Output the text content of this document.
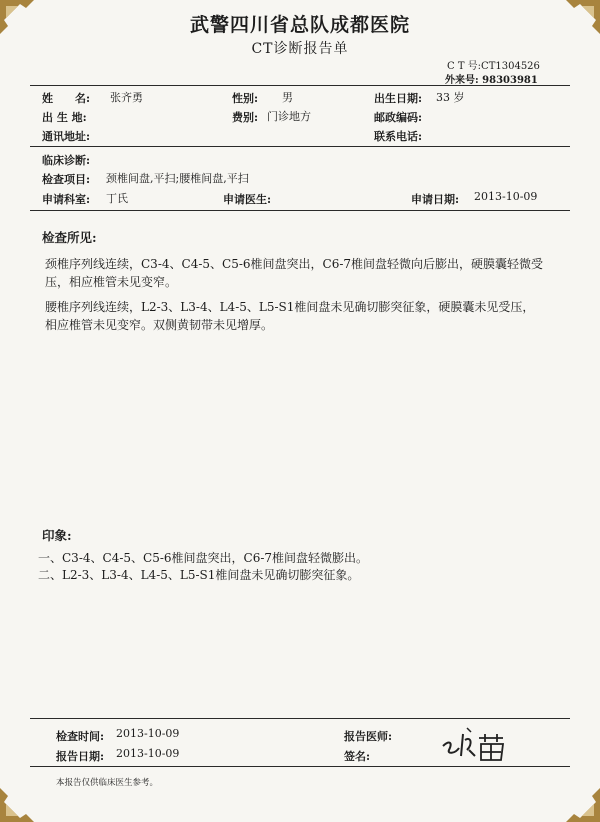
武警四川省总队成都医院
CT诊断报告单
C T 号:CT1304526
外来号: 98303981
姓　　名: 张齐勇	性别: 男	出生日期: 33 岁
出 生 地:	费别: 门诊地方	邮政编码:
通讯地址:	联系电话:
临床诊断:
检查项目: 颈椎间盘,平扫;腰椎间盘,平扫
申请科室: 丁氏	申请医生:	申请日期: 2013-10-09
检查所见:
颈椎序列线连续，C3-4、C4-5、C5-6椎间盘突出，C6-7椎间盘轻微向后膨出，硬膜囊轻微受压，相应椎管未见变窄。
腰椎序列线连续，L2-3、L3-4、L4-5、L5-S1椎间盘未见确切膨突征象，硬膜囊未见受压，相应椎管未见变窄。双侧黄韧带未见增厚。
印象:
一、C3-4、C4-5、C5-6椎间盘突出，C6-7椎间盘轻微膨出。
二、L2-3、L3-4、L4-5、L5-S1椎间盘未见确切膨突征象。
检查时间: 2013-10-09	报告医师:
报告日期: 2013-10-09	签名:
本报告仅供临床医生参考。
